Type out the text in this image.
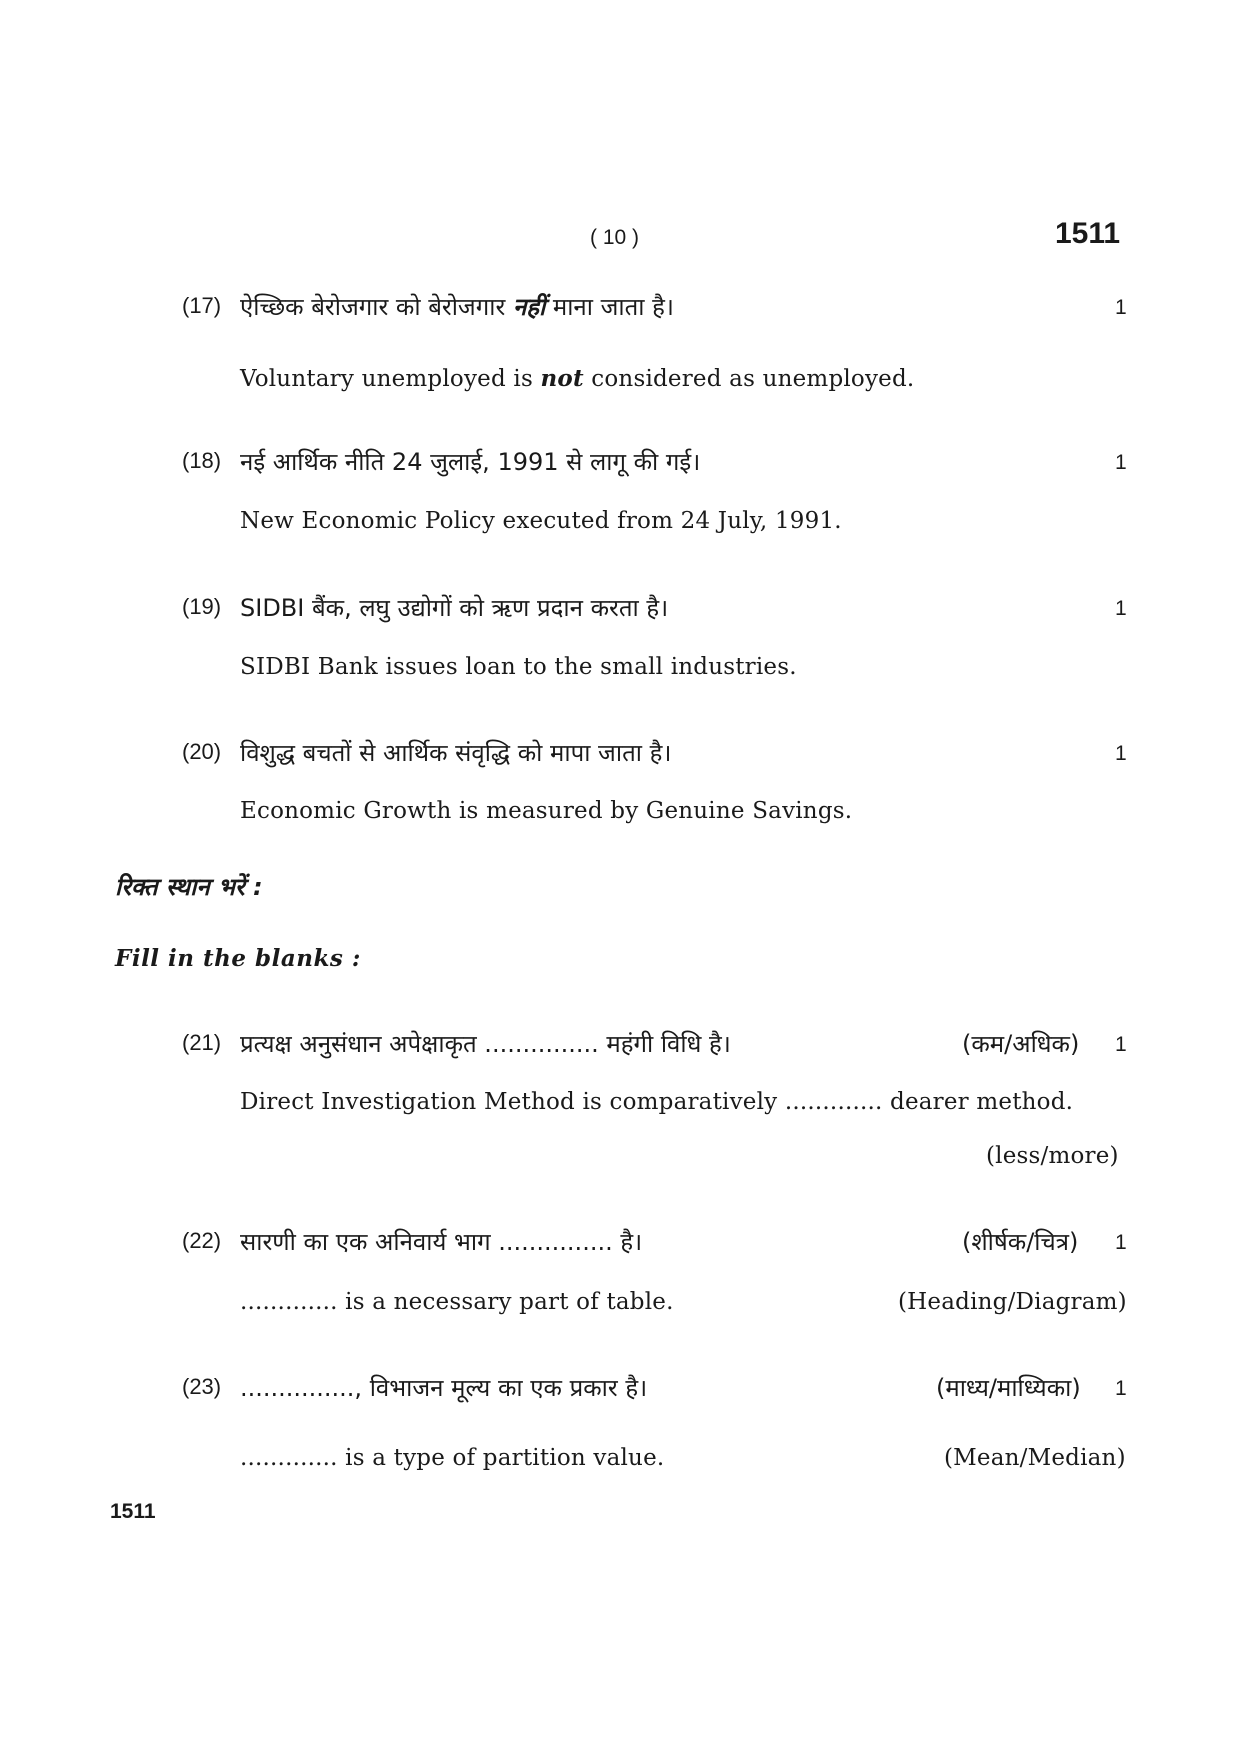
( 10 )	1511
(17) ऐच्छिक बेरोजगार को बेरोजगार नहीं माना जाता है।	1
Voluntary unemployed is not considered as unemployed.
(18) नई आर्थिक नीति 24 जुलाई, 1991 से लागू की गई।	1
New Economic Policy executed from 24 July, 1991.
(19) SIDBI बैंक, लघु उद्योगों को ऋण प्रदान करता है।	1
SIDBI Bank issues loan to the small industries.
(20) विशुद्ध बचतों से आर्थिक संवृद्धि को मापा जाता है।	1
Economic Growth is measured by Genuine Savings.
रिक्त स्थान भरें :
Fill in the blanks :
(21) प्रत्यक्ष अनुसंधान अपेक्षाकृत ............... महंगी विधि है।	(कम/अधिक) 1
Direct Investigation Method is comparatively ............. dearer method.
(less/more)
(22) सारणी का एक अनिवार्य भाग ............... है।	(शीर्षक/चित्र) 1
............. is a necessary part of table.	(Heading/Diagram)
(23) ..............., विभाजन मूल्य का एक प्रकार है।	(माध्य/माध्यिका) 1
............. is a type of partition value.	(Mean/Median)
1511
